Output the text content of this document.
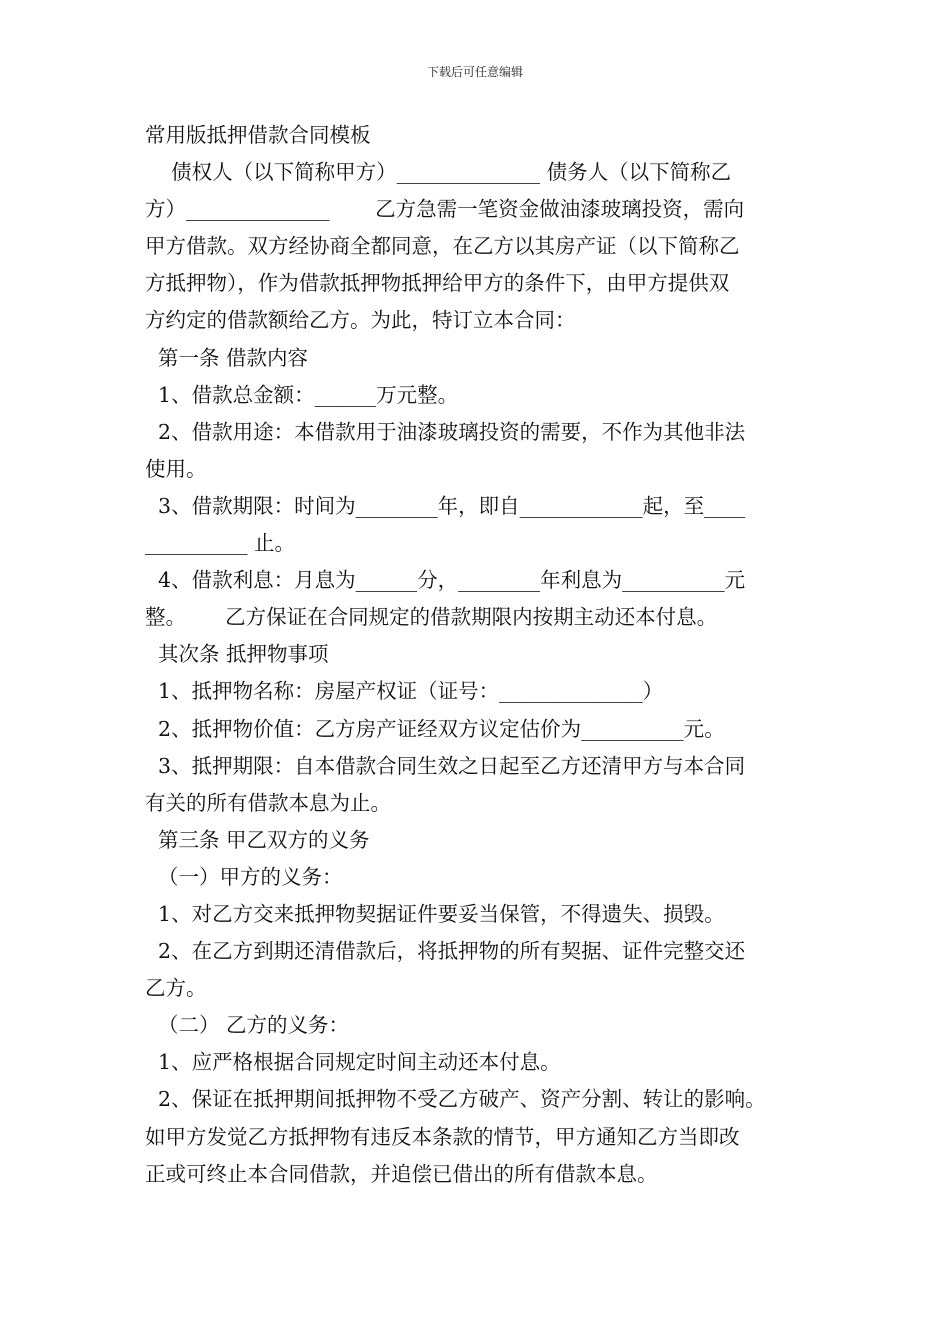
下载后可任意编辑
常用版抵押借款合同模板
债权人（以下简称甲方）______________ 债务人（以下简称乙
方）______________       乙方急需一笔资金做油漆玻璃投资，需向
甲方借款。双方经协商全都同意，在乙方以其房产证（以下简称乙
方抵押物），作为借款抵押物抵押给甲方的条件下，由甲方提供双
方约定的借款额给乙方。为此，特订立本合同：
第一条 借款内容
1、借款总金额：______万元整。
2、借款用途：本借款用于油漆玻璃投资的需要，不作为其他非法
使用。
3、借款期限：时间为________年，即自____________起，至____
__________ 止。
4、借款利息：月息为______分，________年利息为__________元
整。      乙方保证在合同规定的借款期限内按期主动还本付息。
其次条 抵押物事项
1、抵押物名称：房屋产权证（证号：______________）
2、抵押物价值：乙方房产证经双方议定估价为__________元。
3、抵押期限：自本借款合同生效之日起至乙方还清甲方与本合同
有关的所有借款本息为止。
第三条 甲乙双方的义务
（一）甲方的义务：
1、对乙方交来抵押物契据证件要妥当保管，不得遗失、损毁。
2、在乙方到期还清借款后，将抵押物的所有契据、证件完整交还
乙方。
（二） 乙方的义务：
1、应严格根据合同规定时间主动还本付息。
2、保证在抵押期间抵押物不受乙方破产、资产分割、转让的影响。
如甲方发觉乙方抵押物有违反本条款的情节，甲方通知乙方当即改
正或可终止本合同借款，并追偿已借出的所有借款本息。
